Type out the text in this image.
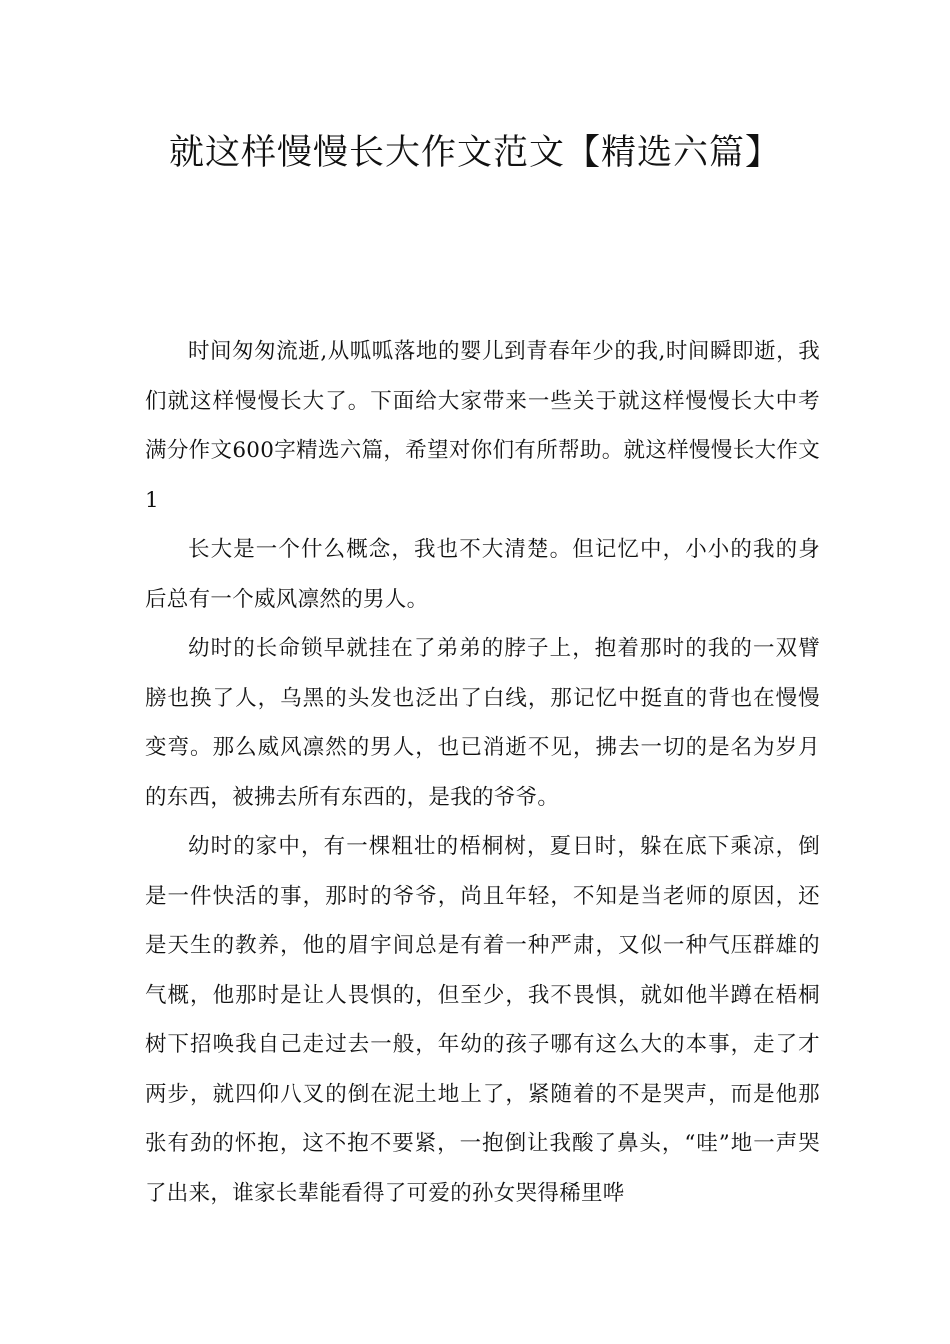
就这样慢慢长大作文范文【精选六篇】

时间匆匆流逝,从呱呱落地的婴儿到青春年少的我,时间瞬即逝，我们就这样慢慢长大了。下面给大家带来一些关于就这样慢慢长大中考满分作文600字精选六篇，希望对你们有所帮助。就这样慢慢长大作文1

长大是一个什么概念，我也不大清楚。但记忆中，小小的我的身后总有一个威风凛然的男人。

幼时的长命锁早就挂在了弟弟的脖子上，抱着那时的我的一双臂膀也换了人，乌黑的头发也泛出了白线，那记忆中挺直的背也在慢慢变弯。那么威风凛然的男人，也已消逝不见，拂去一切的是名为岁月的东西，被拂去所有东西的，是我的爷爷。

幼时的家中，有一棵粗壮的梧桐树，夏日时，躲在底下乘凉，倒是一件快活的事，那时的爷爷，尚且年轻，不知是当老师的原因，还是天生的教养，他的眉宇间总是有着一种严肃，又似一种气压群雄的气概，他那时是让人畏惧的，但至少，我不畏惧，就如他半蹲在梧桐树下招唤我自己走过去一般，年幼的孩子哪有这么大的本事，走了才两步，就四仰八叉的倒在泥土地上了，紧随着的不是哭声，而是他那张有劲的怀抱，这不抱不要紧，一抱倒让我酸了鼻头，“哇”地一声哭了出来，谁家长辈能看得了可爱的孙女哭得稀里哗
